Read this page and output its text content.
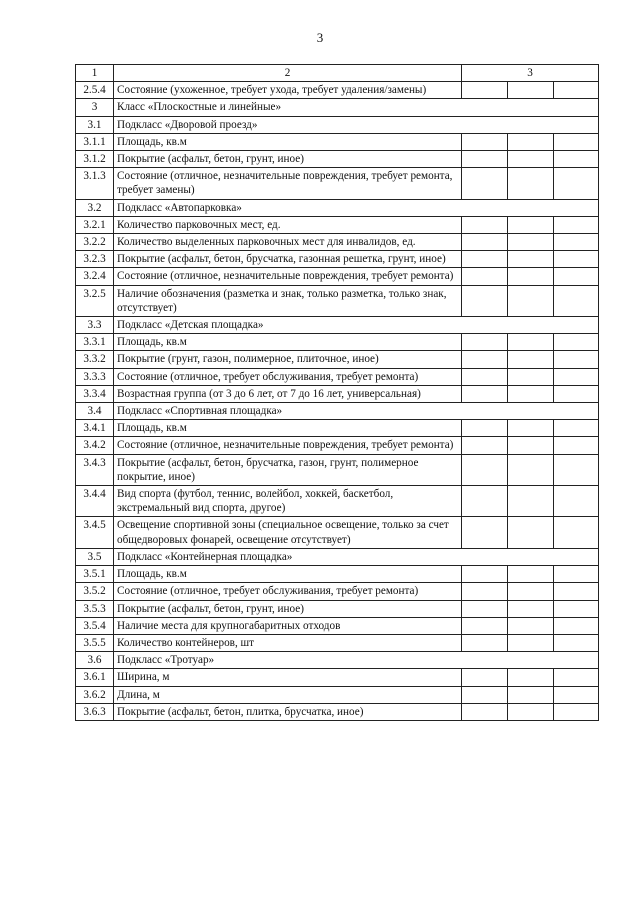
3
1	2	3		
2.5.4	Состояние (ухоженное, требует ухода, требует удаления/замены)			
3	Класс «Плоскостные и линейные»			
3.1	Подкласс «Дворовой проезд»			
3.1.1	Площадь, кв.м			
3.1.2	Покрытие (асфальт, бетон, грунт, иное)			
3.1.3	Состояние (отличное, незначительные повреждения, требует ремонта, требует замены)			
3.2	Подкласс «Автопарковка»			
3.2.1	Количество парковочных мест, ед.			
3.2.2	Количество выделенных парковочных мест для инвалидов, ед.			
3.2.3	Покрытие (асфальт, бетон, брусчатка, газонная решетка, грунт, иное)			
3.2.4	Состояние (отличное, незначительные повреждения, требует ремонта)			
3.2.5	Наличие обозначения (разметка и знак, только разметка, только знак, отсутствует)			
3.3	Подкласс «Детская площадка»			
3.3.1	Площадь, кв.м			
3.3.2	Покрытие (грунт, газон, полимерное, плиточное, иное)			
3.3.3	Состояние (отличное, требует обслуживания, требует ремонта)			
3.3.4	Возрастная группа (от 3 до 6 лет, от 7 до 16 лет, универсальная)			
3.4	Подкласс «Спортивная площадка»			
3.4.1	Площадь, кв.м			
3.4.2	Состояние (отличное, незначительные повреждения, требует ремонта)			
3.4.3	Покрытие (асфальт, бетон, брусчатка, газон, грунт, полимерное покрытие, иное)			
3.4.4	Вид спорта (футбол, теннис, волейбол, хоккей, баскетбол, экстремальный вид спорта, другое)			
3.4.5	Освещение спортивной зоны (специальное освещение, только за счет общедворовых фонарей, освещение отсутствует)			
3.5	Подкласс «Контейнерная площадка»			
3.5.1	Площадь, кв.м			
3.5.2	Состояние (отличное, требует обслуживания, требует ремонта)			
3.5.3	Покрытие (асфальт, бетон, грунт, иное)			
3.5.4	Наличие места для крупногабаритных отходов			
3.5.5	Количество контейнеров, шт			
3.6	Подкласс «Тротуар»			
3.6.1	Ширина, м			
3.6.2	Длина, м			
3.6.3	Покрытие (асфальт, бетон, плитка, брусчатка, иное)			
